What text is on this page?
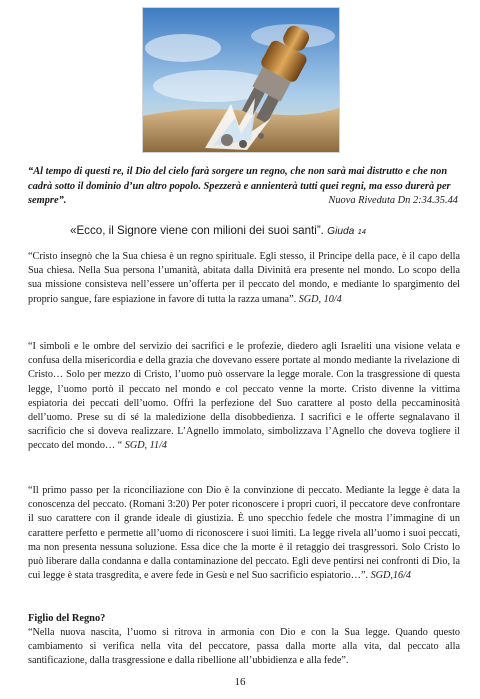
“Al tempo di questi re, il Dio del cielo farà sorgere un regno, che non sarà mai distrutto e che non cadrà sotto il dominio d’un altro popolo. Spezzerà e annienterà tutti quei regni, ma esso durerà per sempre”.	Nuova Riveduta Dn 2:34.35.44
«Ecco, il Signore viene con milioni dei suoi santi”. Giuda 14
“Cristo insegnò che la Sua chiesa è un regno spirituale. Egli stesso, il Principe della pace, è il capo della Sua chiesa. Nella Sua persona l’umanità, abitata dalla Divinità era presente nel mondo. Lo scopo della sua missione consisteva nell’essere un’offerta per il peccato del mondo, e mediante lo spargimento del proprio sangue, fare espiazione in favore di tutta la razza umana”. SGD, 10/4
“I simboli e le ombre del servizio dei sacrifici e le profezie, diedero agli Israeliti una visione velata e confusa della misericordia e della grazia che dovevano essere portate al mondo mediante la rivelazione di Cristo… Solo per mezzo di Cristo, l’uomo può osservare la legge morale. Con la trasgressione di questa legge, l’uomo portò il peccato nel mondo e col peccato venne la morte. Cristo divenne la vittima espiatoria dei peccati dell’uomo. Offrì la perfezione del Suo carattere al posto della peccaminosità dell’uomo. Prese su di sé la maledizione della disobbedienza. I sacrifici e le offerte segnalavano il sacrificio che si doveva realizzare. L’Agnello immolato, simbolizzava l’Agnello che doveva togliere il peccato del mondo… “ SGD, 11/4
“Il primo passo per la riconciliazione con Dio è la convinzione di peccato. Mediante la legge è data la conoscenza del peccato. (Romani 3:20) Per poter riconoscere i propri cuori, il peccatore deve confrontare il suo carattere con il grande ideale di giustizia. È uno specchio fedele che mostra l’immagine di un carattere perfetto e permette all’uomo di riconoscere i suoi limiti. La legge rivela all’uomo i suoi peccati, ma non presenta nessuna soluzione. Essa dice che la morte è il retaggio dei trasgressori. Solo Cristo lo può liberare dalla condanna e dalla contaminazione del peccato. Egli deve pentirsi nei confronti di Dio, la cui legge è stata trasgredita, e avere fede in Gesù e nel Suo sacrificio espiatorio…”. SGD,16/4
Figlio del Regno?
“Nella nuova nascita, l’uomo si ritrova in armonia con Dio e con la Sua legge. Quando questo cambiamento si verifica nella vita del peccatore, passa dalla morte alla vita, dal peccato alla santificazione, dalla trasgressione e dalla ribellione all’ubbidienza e alla fede”.
16
